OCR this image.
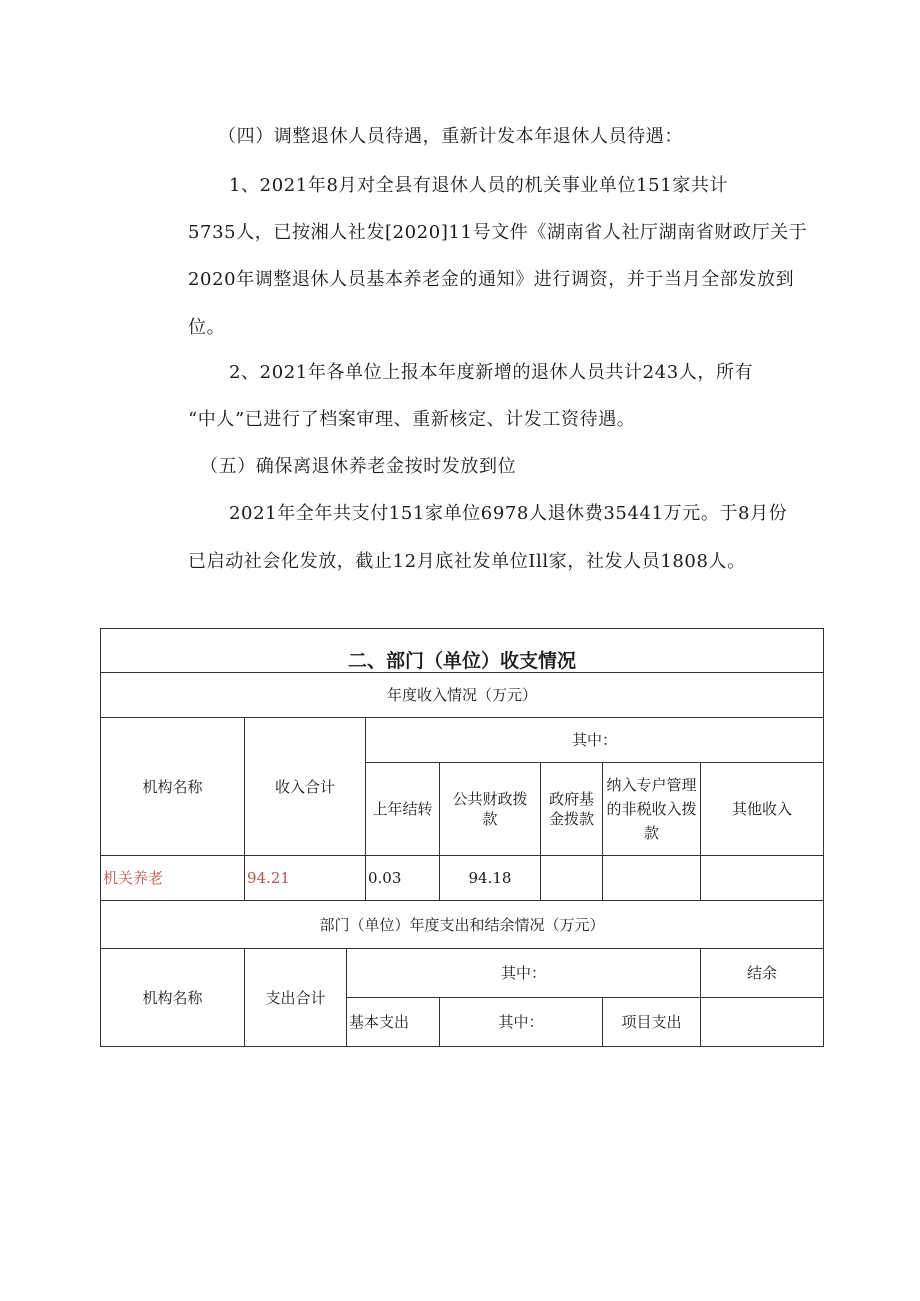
（四）调整退休人员待遇，重新计发本年退休人员待遇：
1、2021年8月对全县有退休人员的机关事业单位151家共计
5735人，已按湘人社发[2020]11号文件《湖南省人社厅湖南省财政厅关于
2020年调整退休人员基本养老金的通知》进行调资，并于当月全部发放到
位。
2、2021年各单位上报本年度新增的退休人员共计243人，所有
“中人”已进行了档案审理、重新核定、计发工资待遇。
（五）确保离退休养老金按时发放到位
2021年全年共支付151家单位6978人退休费35441万元。于8月份
已启动社会化发放，截止12月底社发单位Ill家，社发人员1808人。
二、部门（单位）收支情况							
年度收入情况（万元）							
机构名称	收入合计		其中：				
			上年结转	公共财政拨款	政府基金拨款	纳入专户管理的非税收入拨款	其他收入
机关养老	94.21		0.03	94.18			
部门（单位）年度支出和结余情况（万元）							
机构名称	支出合计	其中：					结余
		基本支出		其中：		项目支出	
